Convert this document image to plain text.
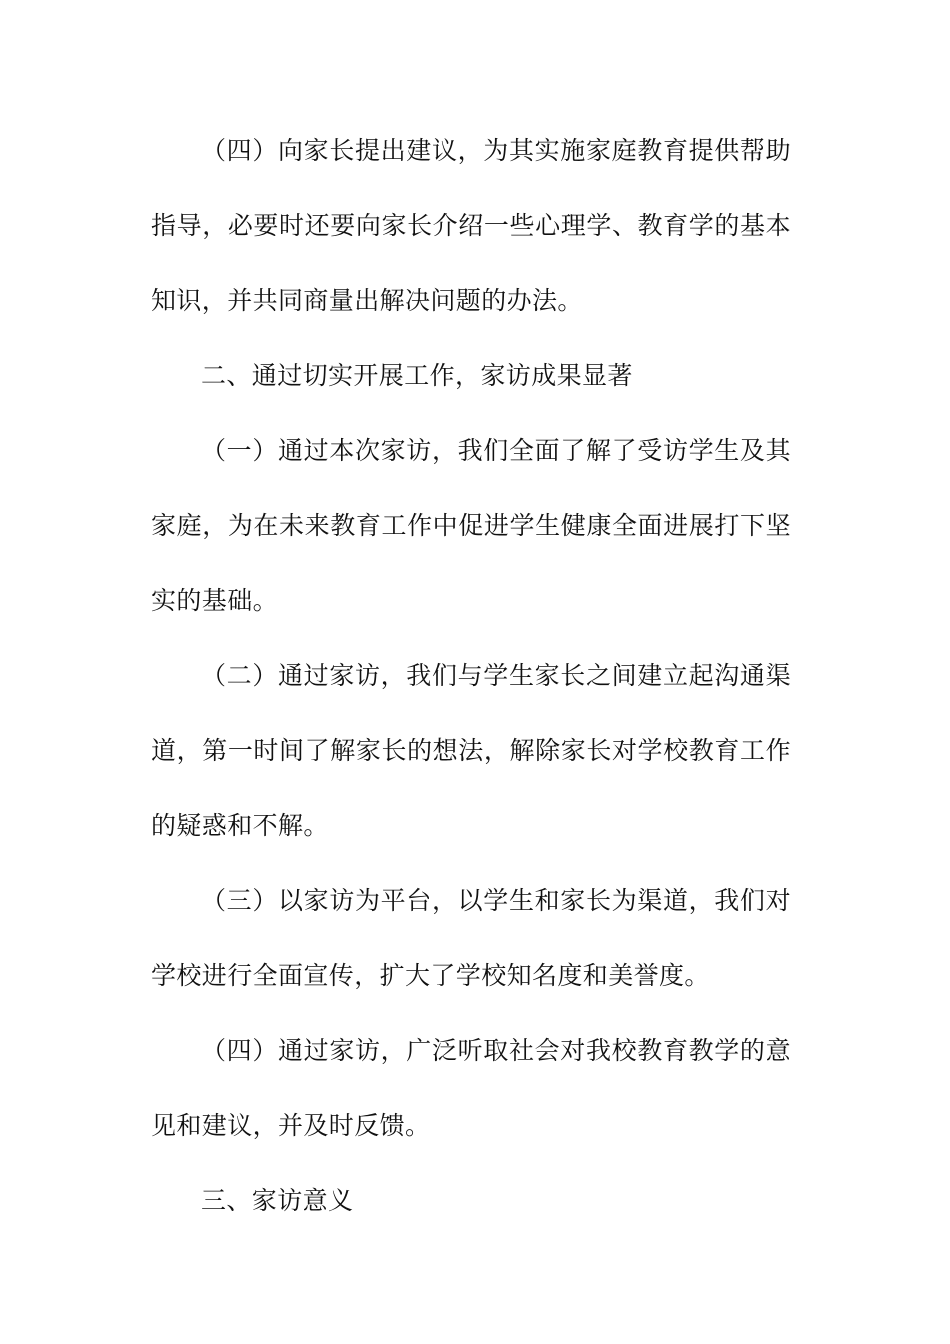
（四）向家长提出建议，为其实施家庭教育提供帮助指导，必要时还要向家长介绍一些心理学、教育学的基本知识，并共同商量出解决问题的办法。

二、通过切实开展工作，家访成果显著

（一）通过本次家访，我们全面了解了受访学生及其家庭，为在未来教育工作中促进学生健康全面进展打下坚实的基础。

（二）通过家访，我们与学生家长之间建立起沟通渠道，第一时间了解家长的想法，解除家长对学校教育工作的疑惑和不解。

（三）以家访为平台，以学生和家长为渠道，我们对学校进行全面宣传，扩大了学校知名度和美誉度。

（四）通过家访，广泛听取社会对我校教育教学的意见和建议，并及时反馈。

三、家访意义
